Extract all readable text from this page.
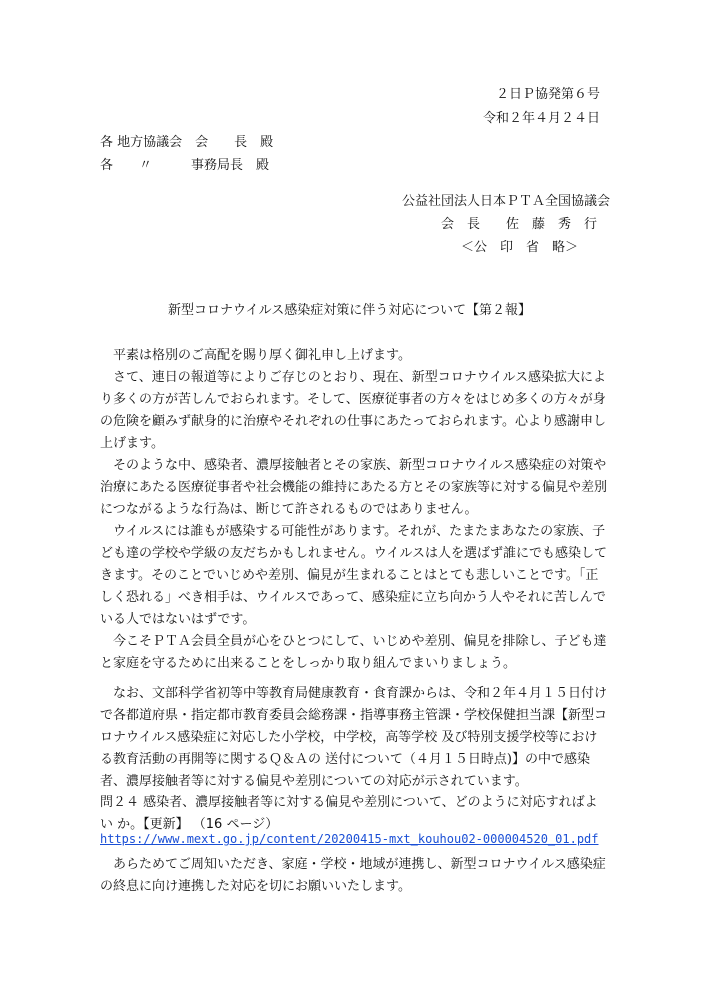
２日Ｐ協発第６号
令和２年４月２４日
各 地方協議会　会　　長　殿
各　　〃　　　事務局長　殿
公益社団法人日本ＰＴＡ全国協議会
会　長　　佐　藤　秀　行
＜公　印　省　略＞
新型コロナウイルス感染症対策に伴う対応について【第２報】

平素は格別のご高配を賜り厚く御礼申し上げます。

さて、連日の報道等によりご存じのとおり、現在、新型コロナウイルス感染拡大により多くの方が苦しんでおられます。そして、医療従事者の方々をはじめ多くの方々が身の危険を顧みず献身的に治療やそれぞれの仕事にあたっておられます。心より感謝申し上げます。

そのような中、感染者、濃厚接触者とその家族、新型コロナウイルス感染症の対策や治療にあたる医療従事者や社会機能の維持にあたる方とその家族等に対する偏見や差別につながるような行為は、断じて許されるものではありません。

ウイルスには誰もが感染する可能性があります。それが、たまたまあなたの家族、子ども達の学校や学級の友だちかもしれません。ウイルスは人を選ばず誰にでも感染してきます。そのことでいじめや差別、偏見が生まれることはとても悲しいことです。「正しく恐れる」べき相手は、ウイルスであって、感染症に立ち向かう人やそれに苦しんでいる人ではないはずです。

今こそＰＴＡ会員全員が心をひとつにして、いじめや差別、偏見を排除し、子ども達と家庭を守るために出来ることをしっかり取り組んでまいりましょう。

なお、文部科学省初等中等教育局健康教育・食育課からは、令和２年４月１５日付けで各都道府県・指定都市教育委員会総務課・指導事務主管課・学校保健担当課【新型コロナウイルス感染症に対応した小学校，中学校，高等学校 及び特別支援学校等における教育活動の再開等に関するＱ＆Ａの 送付について（４月１５日時点)】の中で感染者、濃厚接触者等に対する偏見や差別についての対応が示されています。

問２４ 感染者、濃厚接触者等に対する偏見や差別について、どのように対応すればよい か。【更新】 （16 ページ）
https://www.mext.go.jp/content/20200415-mxt_kouhou02-000004520_01.pdf

あらためてご周知いただき、家庭・学校・地域が連携し、新型コロナウイルス感染症の終息に向け連携した対応を切にお願いいたします。
